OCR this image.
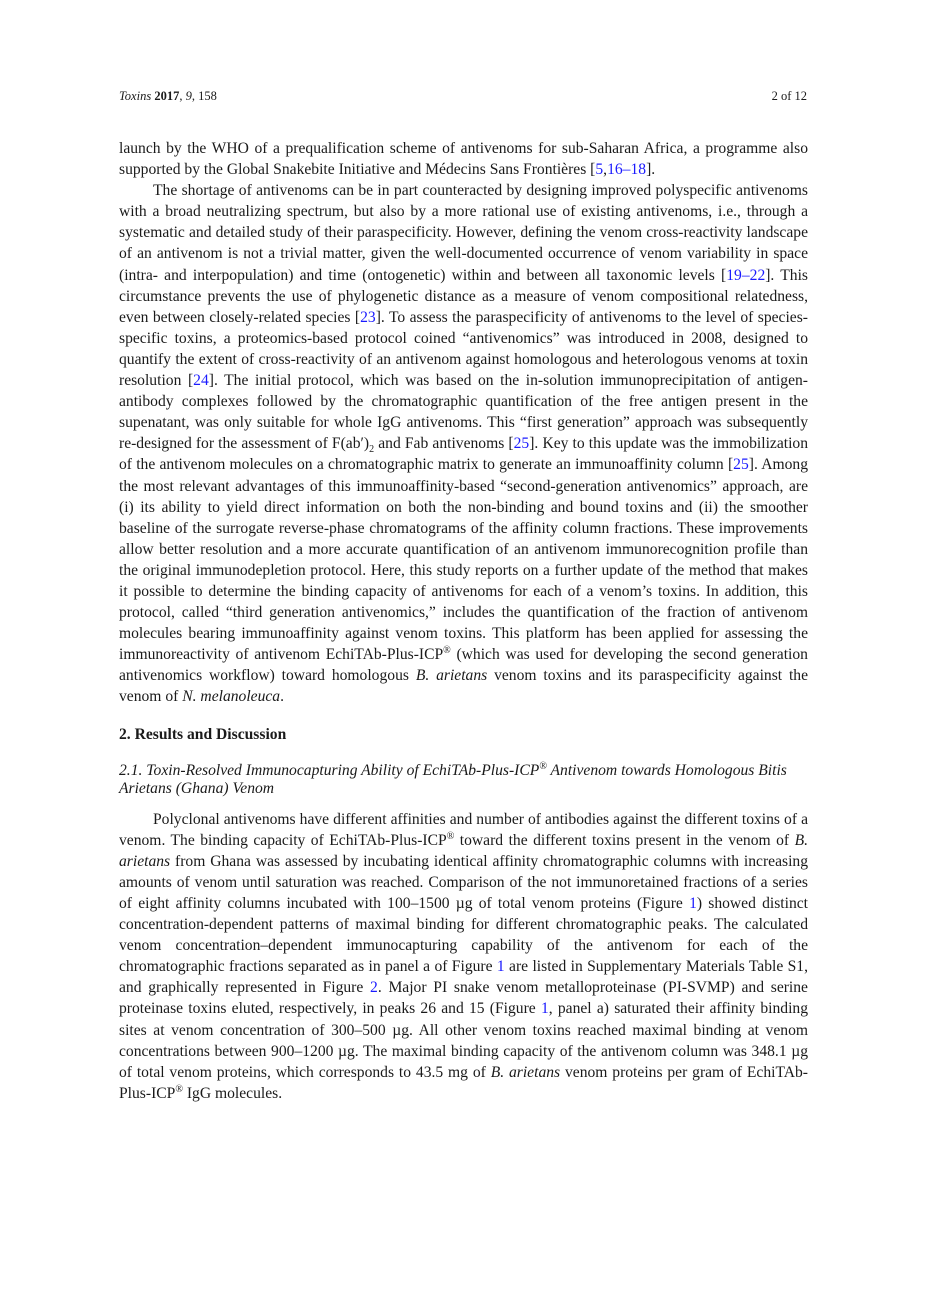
Toxins 2017, 9, 158	2 of 12

launch by the WHO of a prequalification scheme of antivenoms for sub-Saharan Africa, a programme also supported by the Global Snakebite Initiative and Médecins Sans Frontières [5,16–18].

The shortage of antivenoms can be in part counteracted by designing improved polyspecific antivenoms with a broad neutralizing spectrum, but also by a more rational use of existing antivenoms, i.e., through a systematic and detailed study of their paraspecificity. However, defining the venom cross-reactivity landscape of an antivenom is not a trivial matter, given the well-documented occurrence of venom variability in space (intra- and interpopulation) and time (ontogenetic) within and between all taxonomic levels [19–22]. This circumstance prevents the use of phylogenetic distance as a measure of venom compositional relatedness, even between closely-related species [23]. To assess the paraspecificity of antivenoms to the level of species-specific toxins, a proteomics-based protocol coined “antivenomics” was introduced in 2008, designed to quantify the extent of cross-reactivity of an antivenom against homologous and heterologous venoms at toxin resolution [24]. The initial protocol, which was based on the in-solution immunoprecipitation of antigen-antibody complexes followed by the chromatographic quantification of the free antigen present in the supenatant, was only suitable for whole IgG antivenoms. This “first generation” approach was subsequently re-designed for the assessment of $F(ab')_2$ and Fab antivenoms [25]. Key to this update was the immobilization of the antivenom molecules on a chromatographic matrix to generate an immunoaffinity column [25]. Among the most relevant advantages of this immunoaffinity-based “second-generation antivenomics” approach, are (i) its ability to yield direct information on both the non-binding and bound toxins and (ii) the smoother baseline of the surrogate reverse-phase chromatograms of the affinity column fractions. These improvements allow better resolution and a more accurate quantification of an antivenom immunorecognition profile than the original immunodepletion protocol. Here, this study reports on a further update of the method that makes it possible to determine the binding capacity of antivenoms for each of a venom’s toxins. In addition, this protocol, called “third generation antivenomics,” includes the quantification of the fraction of antivenom molecules bearing immunoaffinity against venom toxins. This platform has been applied for assessing the immunoreactivity of antivenom EchiTAb-Plus-ICP® (which was used for developing the second generation antivenomics workflow) toward homologous B. arietans venom toxins and its paraspecificity against the venom of N. melanoleuca.

2. Results and Discussion
2.1. Toxin-Resolved Immunocapturing Ability of EchiTAb-Plus-ICP® Antivenom towards Homologous Bitis Arietans (Ghana) Venom

Polyclonal antivenoms have different affinities and number of antibodies against the different toxins of a venom. The binding capacity of EchiTAb-Plus-ICP® toward the different toxins present in the venom of B. arietans from Ghana was assessed by incubating identical affinity chromatographic columns with increasing amounts of venom until saturation was reached. Comparison of the not immunoretained fractions of a series of eight affinity columns incubated with 100–1500 µg of total venom proteins (Figure 1) showed distinct concentration-dependent patterns of maximal binding for different chromatographic peaks. The calculated venom concentration–dependent immunocapturing capability of the antivenom for each of the chromatographic fractions separated as in panel a of Figure 1 are listed in Supplementary Materials Table S1, and graphically represented in Figure 2. Major PI snake venom metalloproteinase (PI-SVMP) and serine proteinase toxins eluted, respectively, in peaks 26 and 15 (Figure 1, panel a) saturated their affinity binding sites at venom concentration of 300–500 µg. All other venom toxins reached maximal binding at venom concentrations between 900–1200 µg. The maximal binding capacity of the antivenom column was 348.1 µg of total venom proteins, which corresponds to 43.5 mg of B. arietans venom proteins per gram of EchiTAb-Plus-ICP® IgG molecules.
